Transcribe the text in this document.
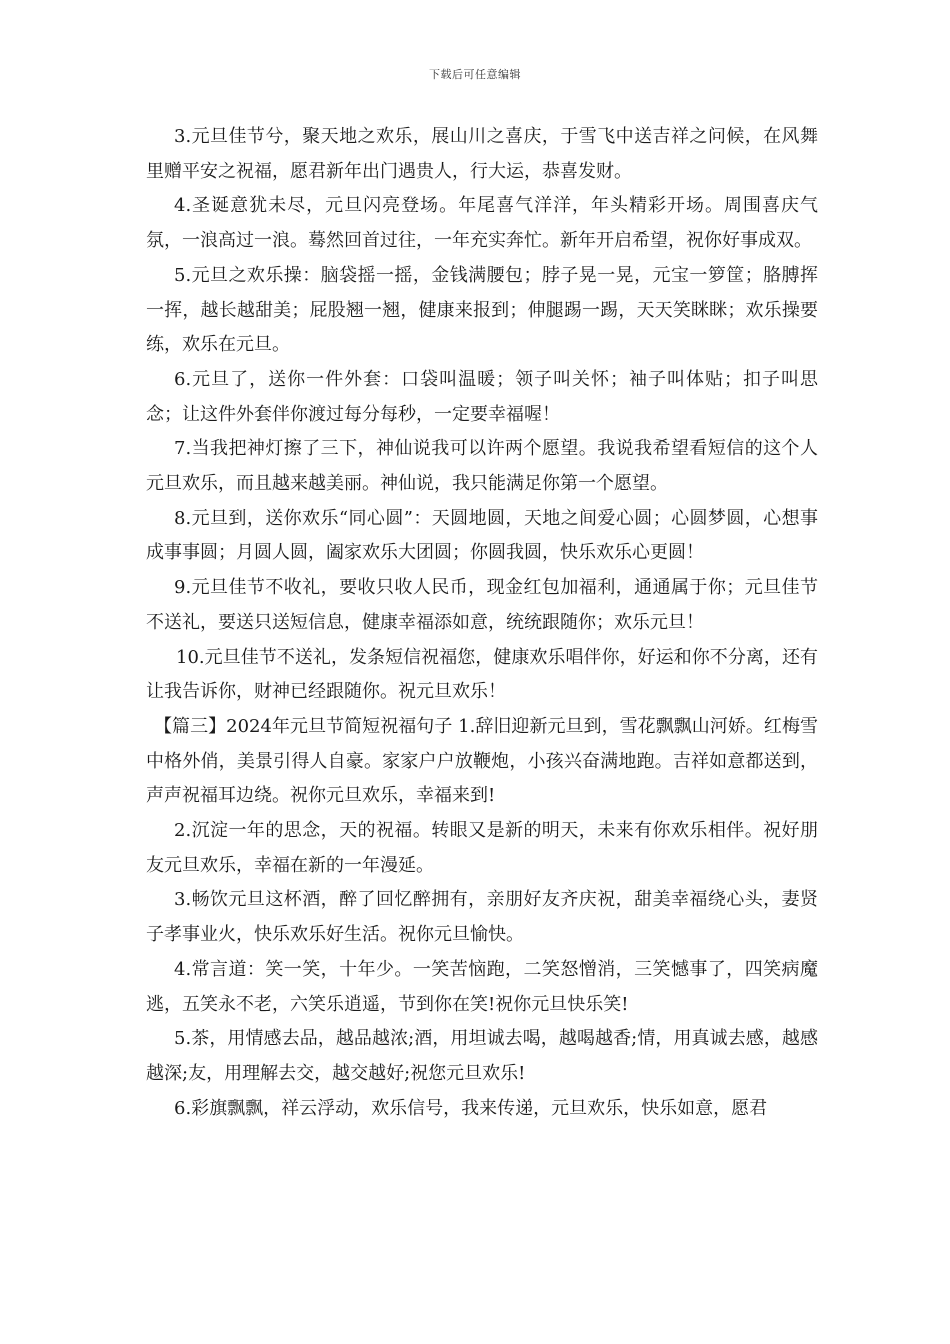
下载后可任意编辑

3.元旦佳节兮，聚天地之欢乐，展山川之喜庆，于雪飞中送吉祥之问候，在风舞里赠平安之祝福，愿君新年出门遇贵人，行大运，恭喜发财。

4.圣诞意犹未尽，元旦闪亮登场。年尾喜气洋洋，年头精彩开场。周围喜庆气氛，一浪高过一浪。蓦然回首过往，一年充实奔忙。新年开启希望，祝你好事成双。

5.元旦之欢乐操：脑袋摇一摇，金钱满腰包；脖子晃一晃，元宝一箩筐；胳膊挥一挥，越长越甜美；屁股翘一翘，健康来报到；伸腿踢一踢，天天笑眯眯；欢乐操要练，欢乐在元旦。

6.元旦了，送你一件外套：口袋叫温暖；领子叫关怀；袖子叫体贴；扣子叫思念；让这件外套伴你渡过每分每秒，一定要幸福喔！

7.当我把神灯擦了三下，神仙说我可以许两个愿望。我说我希望看短信的这个人元旦欢乐，而且越来越美丽。神仙说，我只能满足你第一个愿望。

8.元旦到，送你欢乐“同心圆”：天圆地圆，天地之间爱心圆；心圆梦圆，心想事成事事圆；月圆人圆，阖家欢乐大团圆；你圆我圆，快乐欢乐心更圆！

9.元旦佳节不收礼，要收只收人民币，现金红包加福利，通通属于你；元旦佳节不送礼，要送只送短信息，健康幸福添如意，统统跟随你；欢乐元旦！

10.元旦佳节不送礼，发条短信祝福您，健康欢乐唱伴你，好运和你不分离，还有让我告诉你，财神已经跟随你。祝元旦欢乐！

【篇三】2024年元旦节简短祝福句子 1.辞旧迎新元旦到，雪花飘飘山河娇。红梅雪中格外俏，美景引得人自豪。家家户户放鞭炮，小孩兴奋满地跑。吉祥如意都送到，声声祝福耳边绕。祝你元旦欢乐，幸福来到!

2.沉淀一年的思念，天的祝福。转眼又是新的明天，未来有你欢乐相伴。祝好朋友元旦欢乐，幸福在新的一年漫延。

3.畅饮元旦这杯酒，醉了回忆醉拥有，亲朋好友齐庆祝，甜美幸福绕心头，妻贤子孝事业火，快乐欢乐好生活。祝你元旦愉快。

4.常言道：笑一笑，十年少。一笑苦恼跑，二笑怒憎消，三笑憾事了，四笑病魔逃，五笑永不老，六笑乐逍遥，节到你在笑!祝你元旦快乐笑!

5.茶，用情感去品，越品越浓;酒，用坦诚去喝，越喝越香;情，用真诚去感，越感越深;友，用理解去交，越交越好;祝您元旦欢乐!

6.彩旗飘飘，祥云浮动，欢乐信号，我来传递，元旦欢乐，快乐如意，愿君
